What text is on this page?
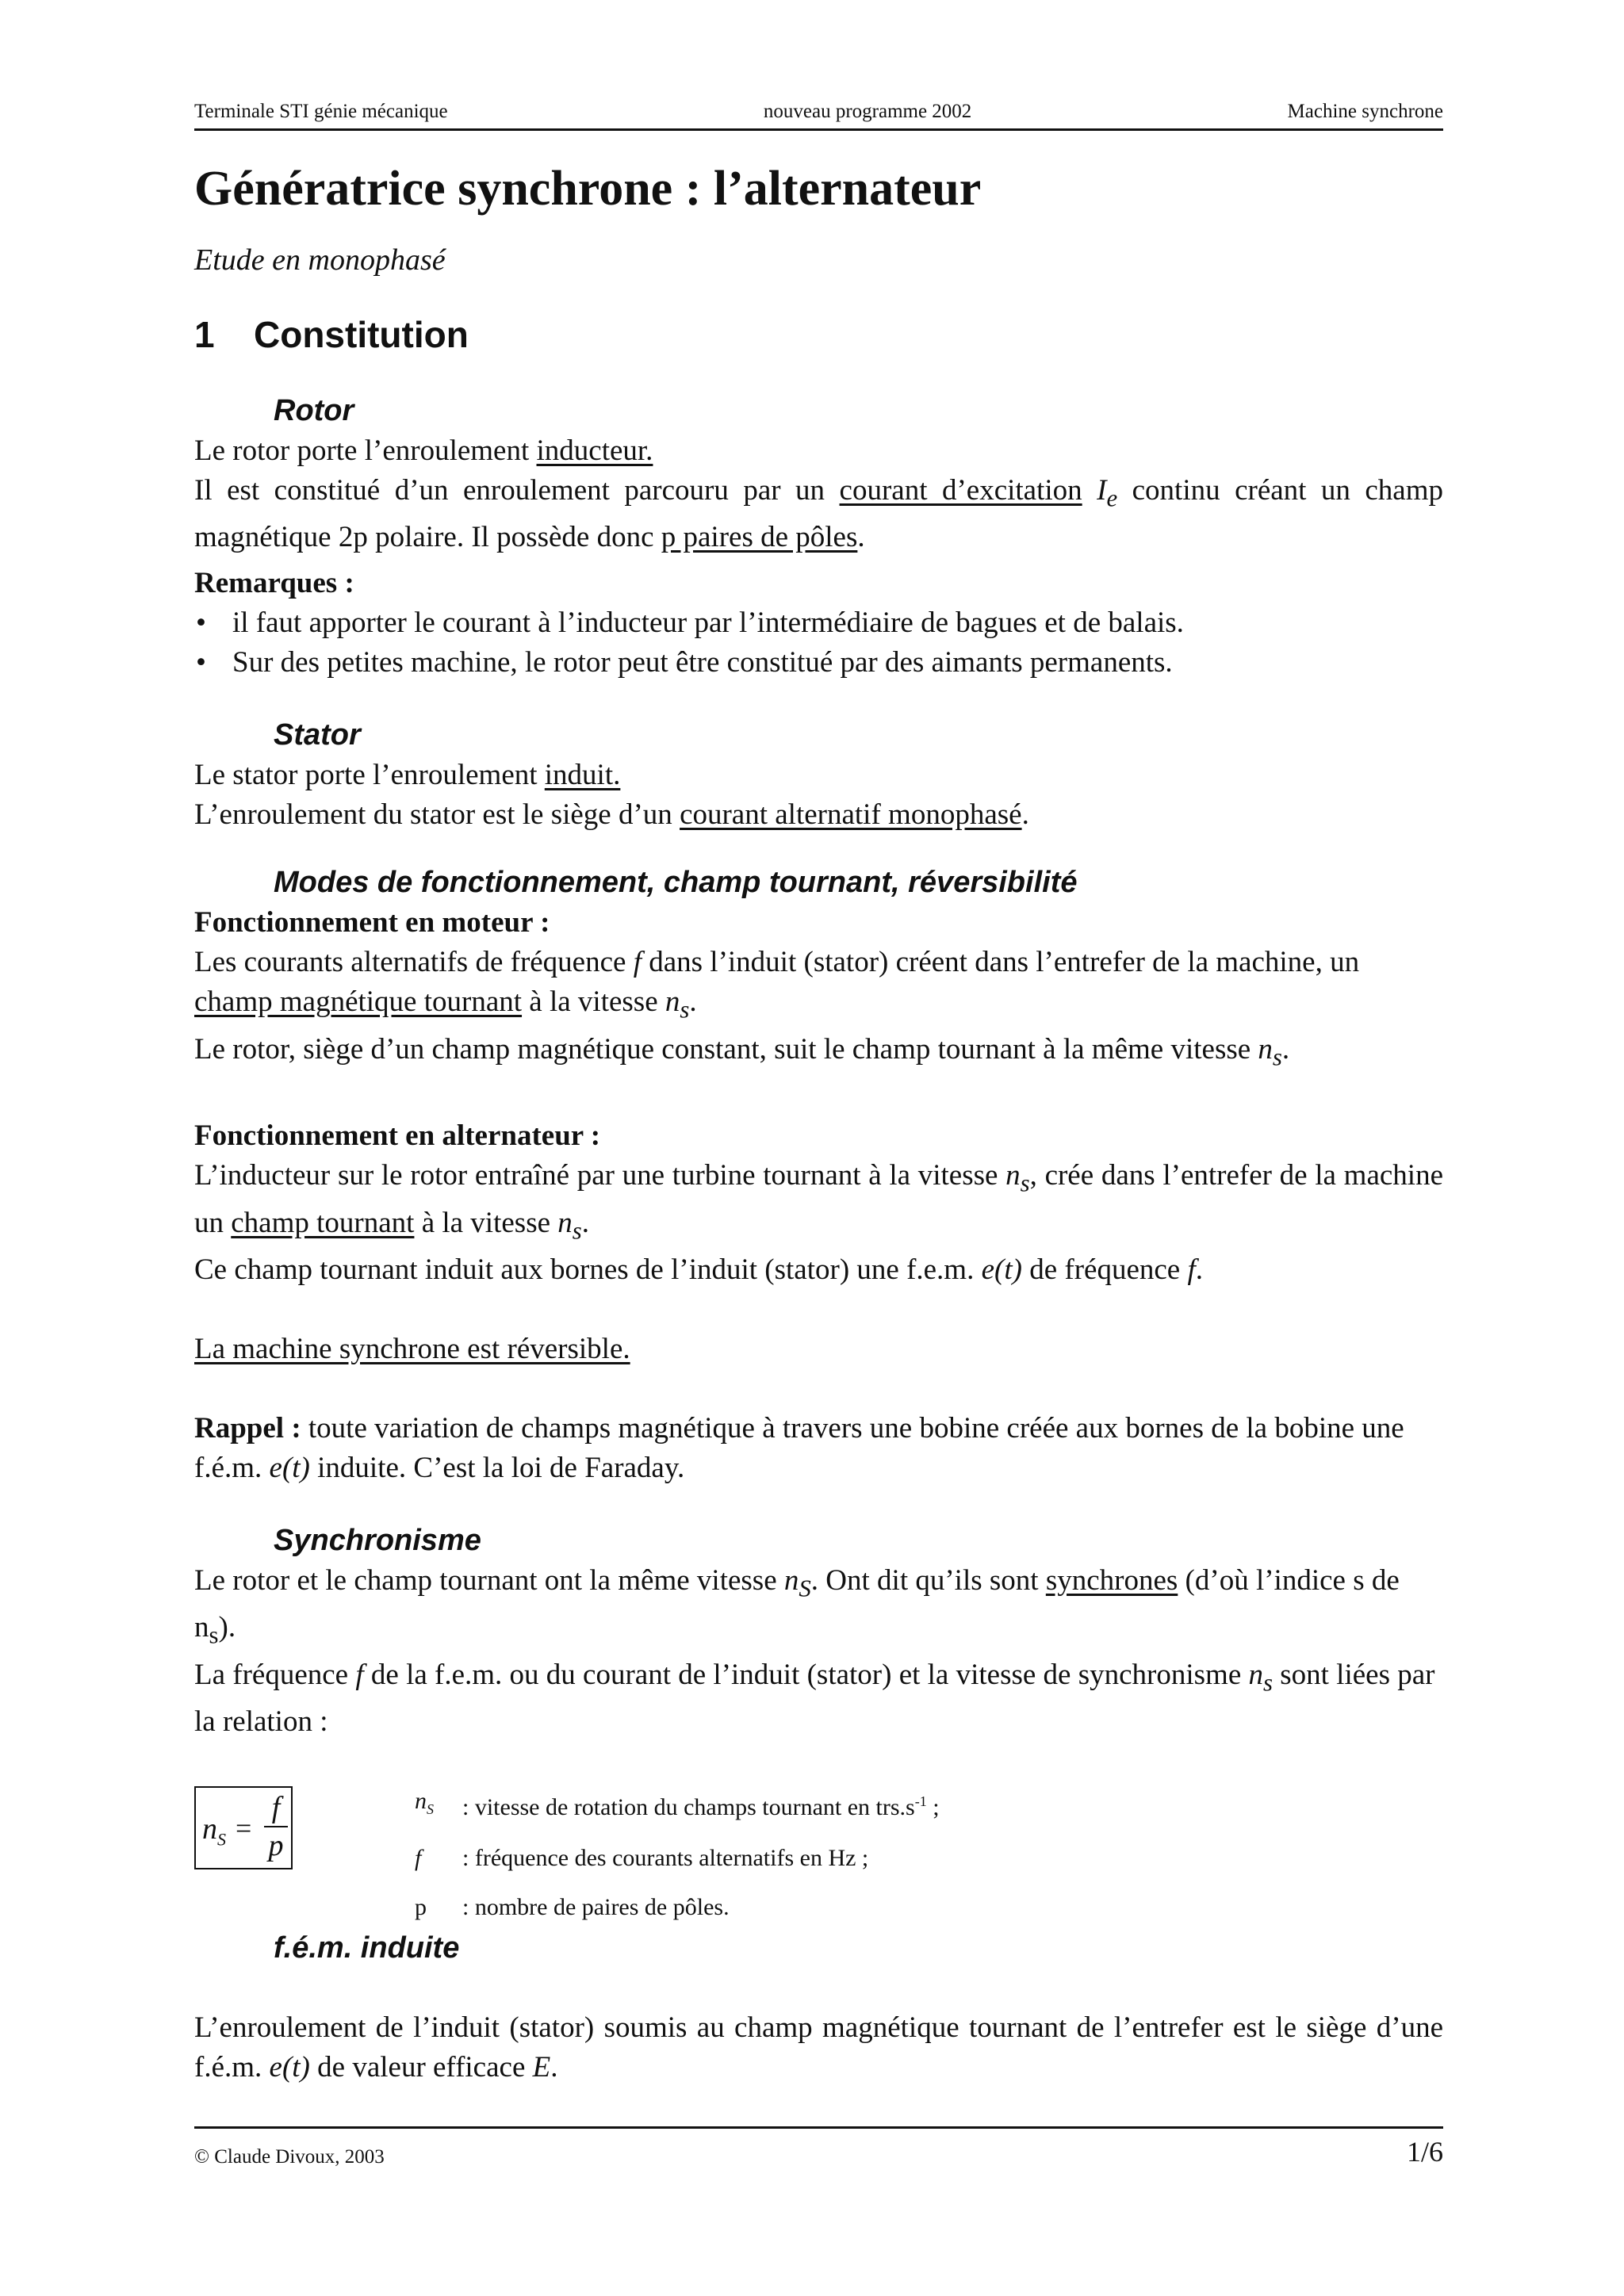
Terminale STI génie mécanique	nouveau programme 2002	Machine synchrone
Génératrice synchrone : l’alternateur
Etude en monophasé
1 Constitution
Rotor

Le rotor porte l’enroulement inducteur.

Il est constitué d’un enroulement parcouru par un courant d’excitation $I_e$ continu créant un champ magnétique 2p polaire. Il possède donc p paires de pôles.

Remarques :

• il faut apporter le courant à l’inducteur par l’intermédiaire de bagues et de balais.
• Sur des petites machine, le rotor peut être constitué par des aimants permanents.
Stator

Le stator porte l’enroulement induit.

L’enroulement du stator est le siège d’un courant alternatif monophasé.

Modes de fonctionnement, champ tournant, réversibilité

Fonctionnement en moteur :

Les courants alternatifs de fréquence f dans l’induit (stator) créent dans l’entrefer de la machine, un champ magnétique tournant à la vitesse $n_s$.

Le rotor, siège d’un champ magnétique constant, suit le champ tournant à la même vitesse $n_s$.

Fonctionnement en alternateur :

L’inducteur sur le rotor entraîné par une turbine tournant à la vitesse $n_s$, crée dans l’entrefer de la machine un champ tournant à la vitesse $n_s$.

Ce champ tournant induit aux bornes de l’induit (stator) une f.e.m. e(t) de fréquence f.

La machine synchrone est réversible.

Rappel : toute variation de champs magnétique à travers une bobine créée aux bornes de la bobine une f.é.m. e(t) induite. C’est la loi de Faraday.

Synchronisme

Le rotor et le champ tournant ont la même vitesse $n_S$. Ont dit qu’ils sont synchrones (d’où l’indice s de $n_s$).

La fréquence f de la f.e.m. ou du courant de l’induit (stator) et la vitesse de synchronisme $n_s$ sont liées par la relation :

$n_S$ =
f
p
$n_S$	: vitesse de rotation du champs tournant en $trs.s^{-1}$ ;
f	: fréquence des courants alternatifs en Hz ;
p	: nombre de paires de pôles.
f.é.m. induite

L’enroulement de l’induit (stator) soumis au champ magnétique tournant de l’entrefer est le siège d’une f.é.m. e(t) de valeur efficace E.

© Claude Divoux, 2003	1/6
